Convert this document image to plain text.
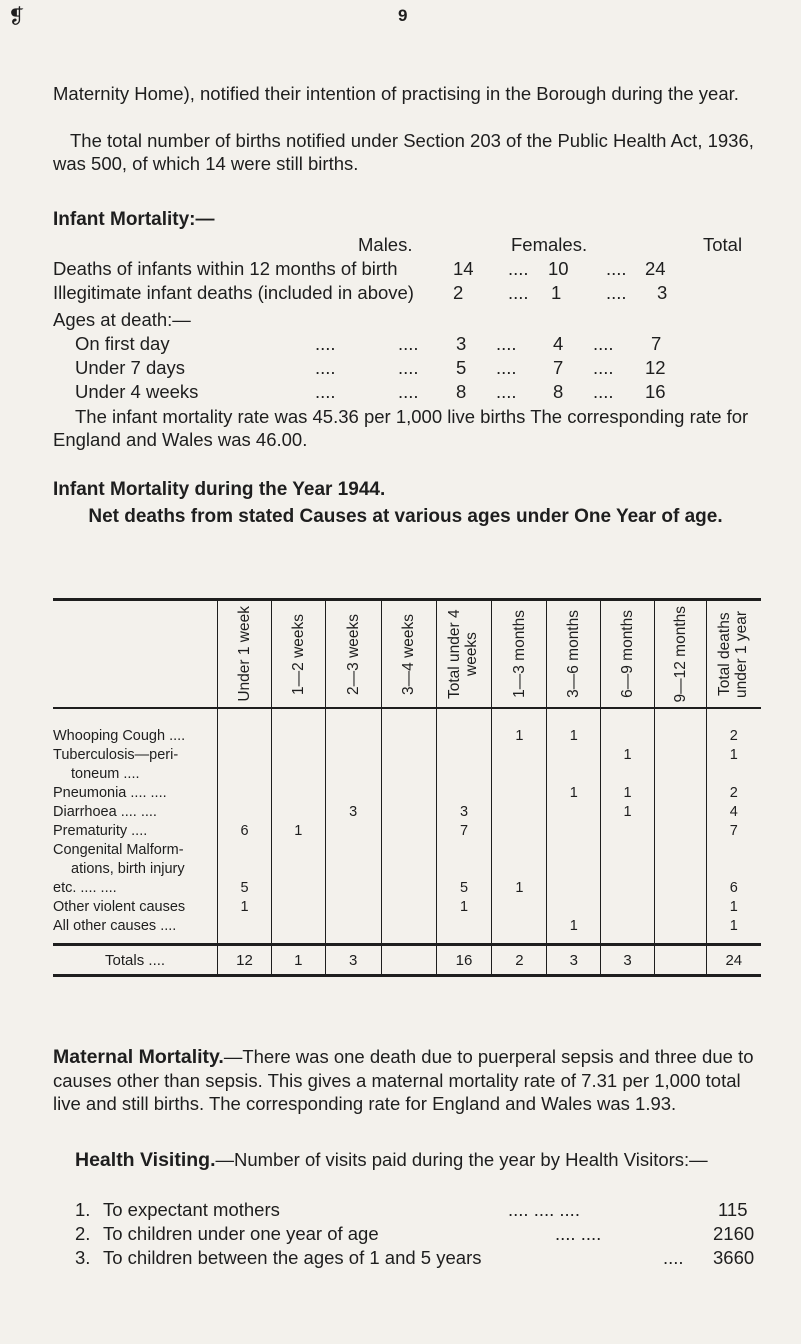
❡	9

Maternity Home), notified their intention of practising in the Borough during the year.

The total number of births notified under Section 203 of the Public Health Act, 1936, was 500, of which 14 were still births.

Infant Mortality:—
Males.	Females.	Total
Deaths of infants within 12 months of birth	14 .... 10 .... 24
Illegitimate infant deaths (included in above) 2 .... 1 .... 3
Ages at death:—
On first day	....	.... 3 .... 4 .... 7
Under 7 days	....	.... 5 .... 7 .... 12
Under 4 weeks	....	.... 8 .... 8 .... 16

The infant mortality rate was 45.36 per 1,000 live births The corresponding rate for England and Wales was 46.00.

Infant Mortality during the Year 1944.
Net deaths from stated Causes at various ages under One Year of age.

	Under 1 week	1—2 weeks	2—3 weeks	3—4 weeks	Total under 4 weeks	1—3 months	3—6 months	6—9 months	9—12 months	Total deaths under 1 year

Whooping Cough ....						1	1			2
Tuberculosis—peri-								1		1
toneum ....										
Pneumonia .... ....							1	1		2
Diarrhoea .... ....			3		3			1		4
Prematurity ....	6	1			7					7
Congenital Malform-										
ations, birth injury										
etc. .... ....	5				5	1				6
Other violent causes	1				1					1
All other causes ....							1			1
Totals ....	12	1	3		16	2	3	3		24

Maternal Mortality.—There was one death due to puerperal sepsis and three due to causes other than sepsis. This gives a maternal mortality rate of 7.31 per 1,000 total live and still births. The corresponding rate for England and Wales was 1.93.

Health Visiting.—Number of visits paid during the year by Health Visitors:—

1. To expectant mothers	.... .... ....	115
2. To children under one year of age	.... ....	2160
3. To children between the ages of 1 and 5 years	.... 3660
